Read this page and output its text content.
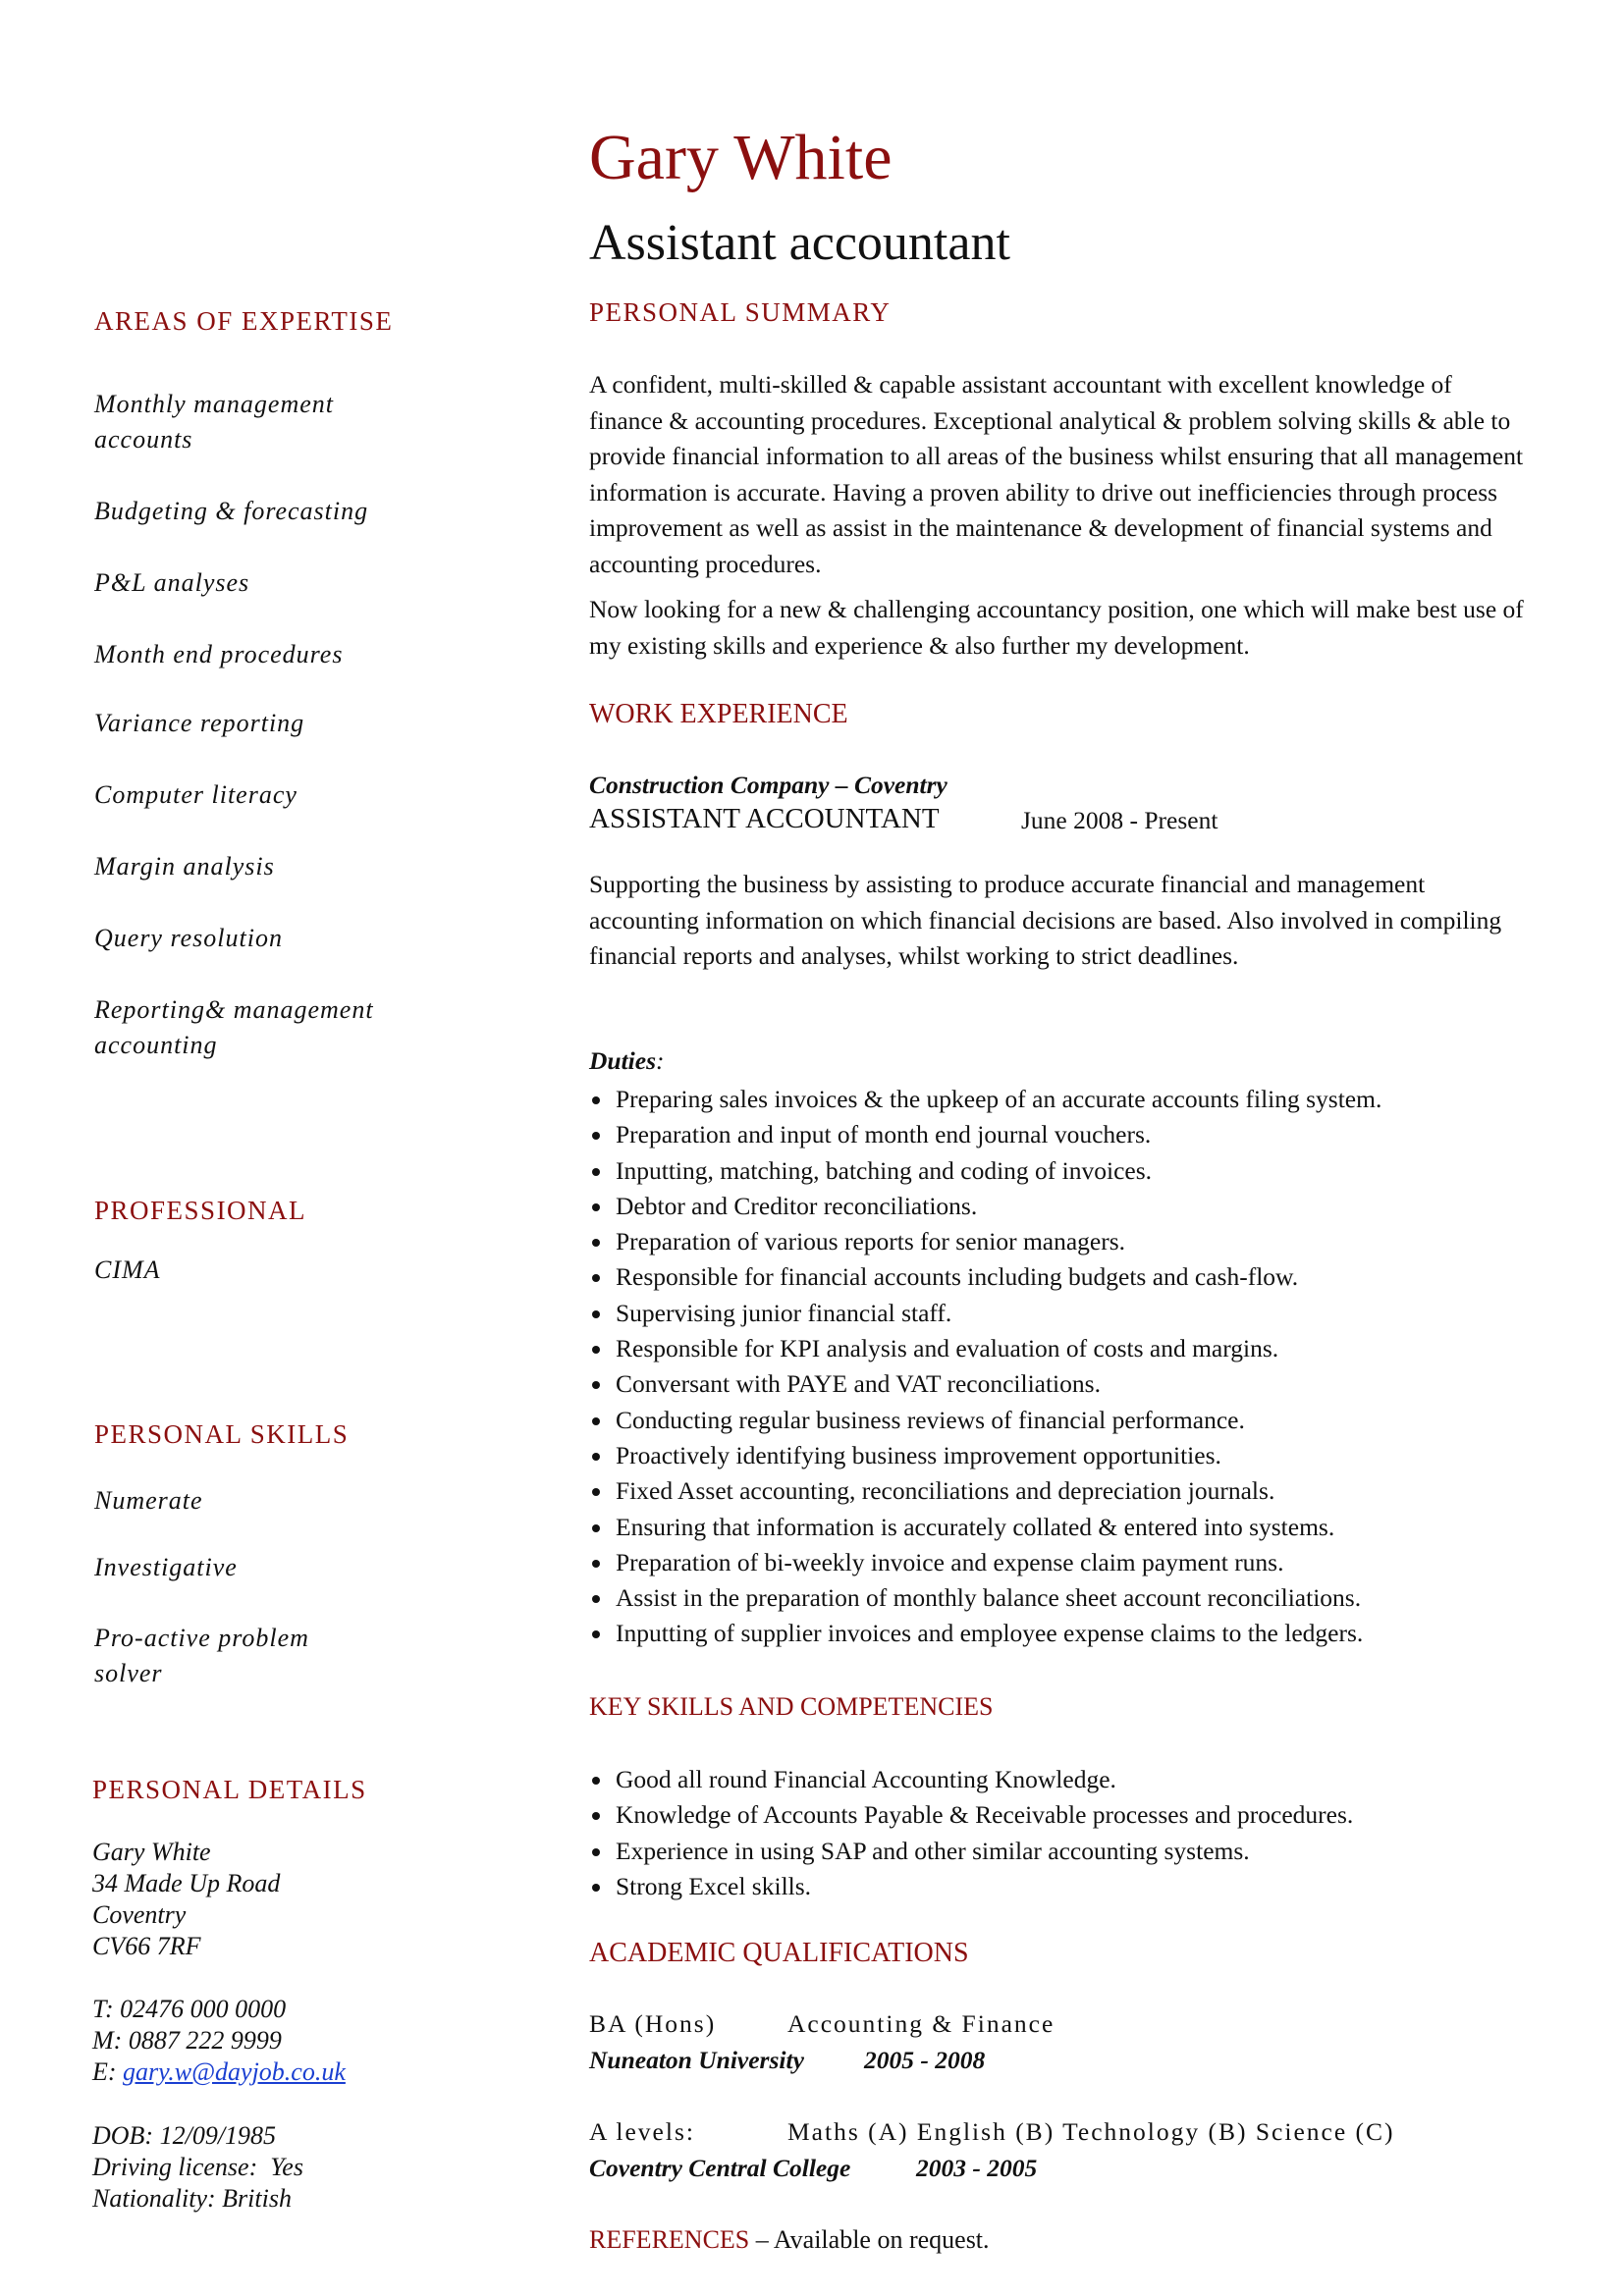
Gary White
Assistant accountant
AREAS OF EXPERTISE
Monthly management accounts
Budgeting & forecasting
P&L analyses
Month end procedures
Variance reporting
Computer literacy
Margin analysis
Query resolution
Reporting& management accounting
PROFESSIONAL
CIMA
PERSONAL SKILLS
Numerate
Investigative
Pro-active problem solver
PERSONAL DETAILS
Gary White
34 Made Up Road
Coventry
CV66 7RF
T: 02476 000 0000
M: 0887 222 9999
E: gary.w@dayjob.co.uk
DOB: 12/09/1985
Driving license:  Yes
Nationality: British
PERSONAL SUMMARY

A confident, multi-skilled & capable assistant accountant with excellent knowledge of finance & accounting procedures. Exceptional analytical & problem solving skills & able to provide financial information to all areas of the business whilst ensuring that all management information is accurate. Having a proven ability to drive out inefficiencies through process improvement as well as assist in the maintenance & development of financial systems and accounting procedures.

Now looking for a new & challenging accountancy position, one which will make best use of my existing skills and experience & also further my development.

WORK EXPERIENCE
Construction Company – Coventry
ASSISTANT ACCOUNTANT	June 2008 - Present

Supporting the business by assisting to produce accurate financial and management accounting information on which financial decisions are based. Also involved in compiling financial reports and analyses, whilst working to strict deadlines.

Duties:
Preparing sales invoices & the upkeep of an accurate accounts filing system.
Preparation and input of month end journal vouchers.
Inputting, matching, batching and coding of invoices.
Debtor and Creditor reconciliations.
Preparation of various reports for senior managers.
Responsible for financial accounts including budgets and cash-flow.
Supervising junior financial staff.
Responsible for KPI analysis and evaluation of costs and margins.
Conversant with PAYE and VAT reconciliations.
Conducting regular business reviews of financial performance.
Proactively identifying business improvement opportunities.
Fixed Asset accounting, reconciliations and depreciation journals.
Ensuring that information is accurately collated & entered into systems.
Preparation of bi-weekly invoice and expense claim payment runs.
Assist in the preparation of monthly balance sheet account reconciliations.
Inputting of supplier invoices and employee expense claims to the ledgers.
KEY SKILLS AND COMPETENCIES
Good all round Financial Accounting Knowledge.
Knowledge of Accounts Payable & Receivable processes and procedures.
Experience in using SAP and other similar accounting systems.
Strong Excel skills.
ACADEMIC QUALIFICATIONS
BA (Hons)	Accounting & Finance
Nuneaton University 2005 - 2008
A levels:	Maths (A) English (B) Technology (B) Science (C)
Coventry Central College	2003 - 2005
REFERENCES – Available on request.
